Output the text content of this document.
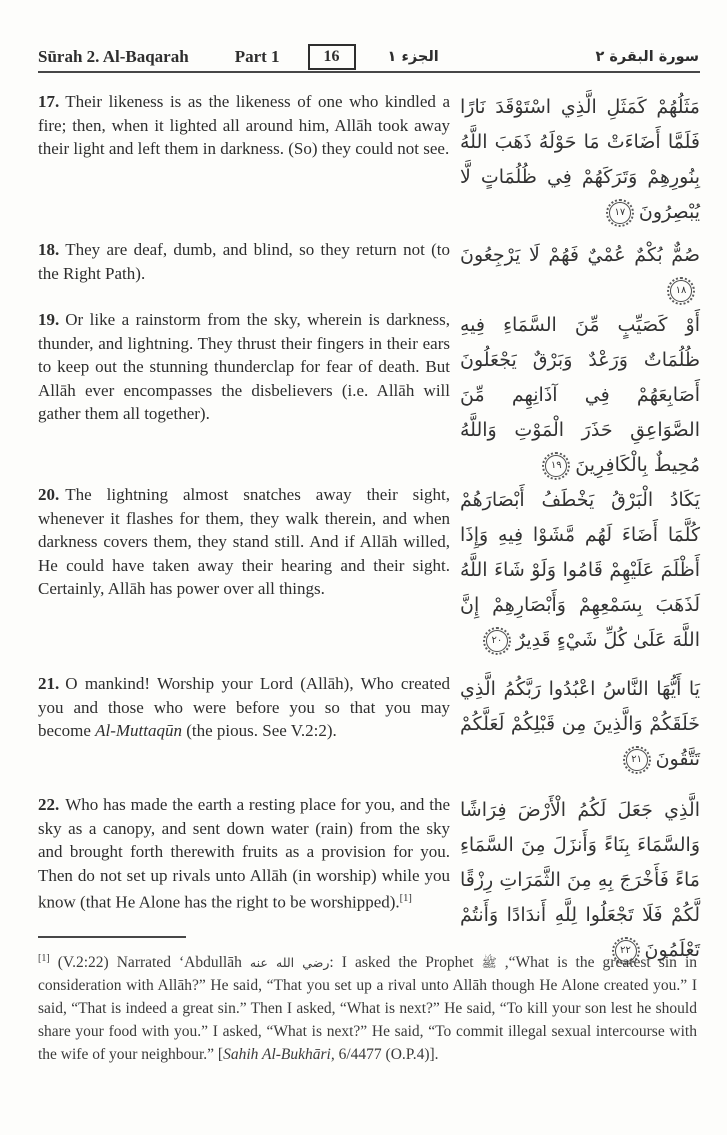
Sūrah 2. Al-Baqarah	Part 1	16	الجزء ١	سورة البقرة ٢
17. Their likeness is as the likeness of one who kindled a fire; then, when it lighted all around him, Allāh took away their light and left them in darkness. (So) they could not see.
مَثَلُهُمْ كَمَثَلِ الَّذِي اسْتَوْقَدَ نَارًا فَلَمَّا أَضَاءَتْ مَا حَوْلَهُ ذَهَبَ اللَّهُ بِنُورِهِمْ وَتَرَكَهُمْ فِي ظُلُمَاتٍ لَّا يُبْصِرُونَ
١٧
18. They are deaf, dumb, and blind, so they return not (to the Right Path).
صُمٌّ بُكْمٌ عُمْيٌ فَهُمْ لَا يَرْجِعُونَ
١٨
19. Or like a rainstorm from the sky, wherein is darkness, thunder, and lightning. They thrust their fingers in their ears to keep out the stunning thunderclap for fear of death. But Allāh ever encompasses the disbelievers (i.e. Allāh will gather them all together).
أَوْ كَصَيِّبٍ مِّنَ السَّمَاءِ فِيهِ ظُلُمَاتٌ وَرَعْدٌ وَبَرْقٌ يَجْعَلُونَ أَصَابِعَهُمْ فِي آذَانِهِم مِّنَ الصَّوَاعِقِ حَذَرَ الْمَوْتِ وَاللَّهُ مُحِيطٌ بِالْكَافِرِينَ
١٩
20. The lightning almost snatches away their sight, whenever it flashes for them, they walk therein, and when darkness covers them, they stand still. And if Allāh willed, He could have taken away their hearing and their sight. Certainly, Allāh has power over all things.
يَكَادُ الْبَرْقُ يَخْطَفُ أَبْصَارَهُمْ كُلَّمَا أَضَاءَ لَهُم مَّشَوْا فِيهِ وَإِذَا أَظْلَمَ عَلَيْهِمْ قَامُوا وَلَوْ شَاءَ اللَّهُ لَذَهَبَ بِسَمْعِهِمْ وَأَبْصَارِهِمْ إِنَّ اللَّهَ عَلَىٰ كُلِّ شَيْءٍ قَدِيرٌ
٢٠
21. O mankind! Worship your Lord (Allāh), Who created you and those who were before you so that you may become Al-Muttaqūn (the pious. See V.2:2).
يَا أَيُّهَا النَّاسُ اعْبُدُوا رَبَّكُمُ الَّذِي خَلَقَكُمْ وَالَّذِينَ مِن قَبْلِكُمْ لَعَلَّكُمْ تَتَّقُونَ
٢١
22. Who has made the earth a resting place for you, and the sky as a canopy, and sent down water (rain) from the sky and brought forth therewith fruits as a provision for you. Then do not set up rivals unto Allāh (in worship) while you know (that He Alone has the right to be worshipped).[1]
الَّذِي جَعَلَ لَكُمُ الْأَرْضَ فِرَاشًا وَالسَّمَاءَ بِنَاءً وَأَنزَلَ مِنَ السَّمَاءِ مَاءً فَأَخْرَجَ بِهِ مِنَ الثَّمَرَاتِ رِزْقًا لَّكُمْ فَلَا تَجْعَلُوا لِلَّهِ أَندَادًا وَأَنتُمْ تَعْلَمُونَ
٢٢
[1] (V.2:22) Narrated ‘Abdullāh رضي الله عنه: I asked the Prophet ﷺ ,“What is the greatest sin in consideration with Allāh?” He said, “That you set up a rival unto Allāh though He Alone created you.” I said, “That is indeed a great sin.” Then I asked, “What is next?” He said, “To kill your son lest he should share your food with you.” I asked, “What is next?” He said, “To commit illegal sexual intercourse with the wife of your neighbour.” [Sahih Al-Bukhāri, 6/4477 (O.P.4)].
